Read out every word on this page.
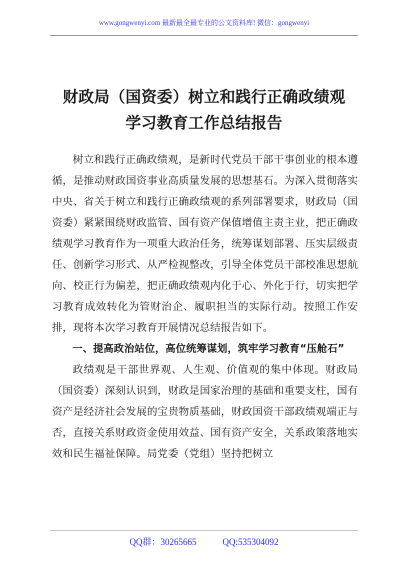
www.gongwenyi.com 最新最全最专业的公文资料库! 微信：gongwenyi
财政局（国资委）树立和践行正确政绩观
学习教育工作总结报告

树立和践行正确政绩观，是新时代党员干部干事创业的根本遵循，是推动财政国资事业高质量发展的思想基石。为深入贯彻落实中央、省关于树立和践行正确政绩观的系列部署要求，财政局（国资委）紧紧围绕财政监管、国有资产保值增值主责主业，把正确政绩观学习教育作为一项重大政治任务，统筹谋划部署、压实层级责任、创新学习形式、从严检视整改，引导全体党员干部校准思想航向、校正行为偏差，把正确政绩观内化于心、外化于行，切实把学习教育成效转化为管财治企、履职担当的实际行动。按照工作安排，现将本次学习教育开展情况总结报告如下。

一、提高政治站位，高位统筹谋划，筑牢学习教育“压舱石”

政绩观是干部世界观、人生观、价值观的集中体现。财政局（国资委）深刻认识到，财政是国家治理的基础和重要支柱，国有资产是经济社会发展的宝贵物质基础，财政国资干部政绩观端正与否，直接关系财政资金使用效益、国有资产安全，关系政策落地实效和民生福祉保障。局党委（党组）坚持把树立

QQ群：30265665	QQ:535304092
